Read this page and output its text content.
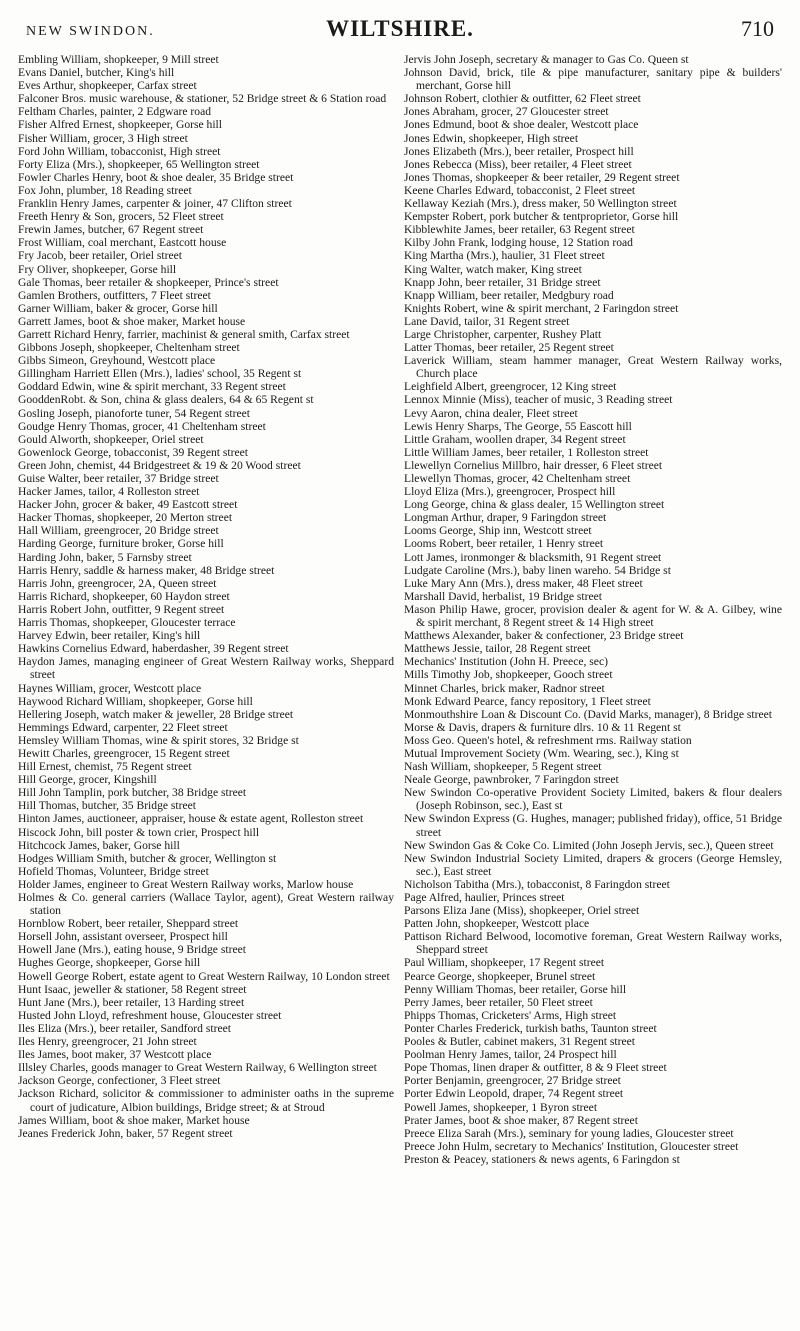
NEW SWINDON.	WILTSHIRE.	710
Embling William, shopkeeper, 9 Mill street
Evans Daniel, butcher, King's hill
Eves Arthur, shopkeeper, Carfax street
Falconer Bros. music warehouse, & stationer, 52 Bridge street & 6 Station road
Feltham Charles, painter, 2 Edgware road
Fisher Alfred Ernest, shopkeeper, Gorse hill
Fisher William, grocer, 3 High street
Ford John William, tobacconist, High street
Forty Eliza (Mrs.), shopkeeper, 65 Wellington street
Fowler Charles Henry, boot & shoe dealer, 35 Bridge street
Fox John, plumber, 18 Reading street
Franklin Henry James, carpenter & joiner, 47 Clifton street
Freeth Henry & Son, grocers, 52 Fleet street
Frewin James, butcher, 67 Regent street
Frost William, coal merchant, Eastcott house
Fry Jacob, beer retailer, Oriel street
Fry Oliver, shopkeeper, Gorse hill
Gale Thomas, beer retailer & shopkeeper, Prince's street
Gamlen Brothers, outfitters, 7 Fleet street
Garner William, baker & grocer, Gorse hill
Garrett James, boot & shoe maker, Market house
Garrett Richard Henry, farrier, machinist & general smith, Carfax street
Gibbons Joseph, shopkeeper, Cheltenham street
Gibbs Simeon, Greyhound, Westcott place
Gillingham Harriett Ellen (Mrs.), ladies' school, 35 Regent st
Goddard Edwin, wine & spirit merchant, 33 Regent street
GooddenRobt. & Son, china & glass dealers, 64 & 65 Regent st
Gosling Joseph, pianoforte tuner, 54 Regent street
Goudge Henry Thomas, grocer, 41 Cheltenham street
Gould Alworth, shopkeeper, Oriel street
Gowenlock George, tobacconist, 39 Regent street
Green John, chemist, 44 Bridgestreet & 19 & 20 Wood street
Guise Walter, beer retailer, 37 Bridge street
Hacker James, tailor, 4 Rolleston street
Hacker John, grocer & baker, 49 Eastcott street
Hacker Thomas, shopkeeper, 20 Merton street
Hall William, greengrocer, 20 Bridge street
Harding George, furniture broker, Gorse hill
Harding John, baker, 5 Farnsby street
Harris Henry, saddle & harness maker, 48 Bridge street
Harris John, greengrocer, 2A, Queen street
Harris Richard, shopkeeper, 60 Haydon street
Harris Robert John, outfitter, 9 Regent street
Harris Thomas, shopkeeper, Gloucester terrace
Harvey Edwin, beer retailer, King's hill
Hawkins Cornelius Edward, haberdasher, 39 Regent street
Haydon James, managing engineer of Great Western Railway works, Sheppard street
Haynes William, grocer, Westcott place
Haywood Richard William, shopkeeper, Gorse hill
Hellering Joseph, watch maker & jeweller, 28 Bridge street
Hemmings Edward, carpenter, 22 Fleet street
Hemsley William Thomas, wine & spirit stores, 32 Bridge st
Hewitt Charles, greengrocer, 15 Regent street
Hill Ernest, chemist, 75 Regent street
Hill George, grocer, Kingshill
Hill John Tamplin, pork butcher, 38 Bridge street
Hill Thomas, butcher, 35 Bridge street
Hinton James, auctioneer, appraiser, house & estate agent, Rolleston street
Hiscock John, bill poster & town crier, Prospect hill
Hitchcock James, baker, Gorse hill
Hodges William Smith, butcher & grocer, Wellington st
Hofield Thomas, Volunteer, Bridge street
Holder James, engineer to Great Western Railway works, Marlow house
Holmes & Co. general carriers (Wallace Taylor, agent), Great Western railway station
Hornblow Robert, beer retailer, Sheppard street
Horsell John, assistant overseer, Prospect hill
Howell Jane (Mrs.), eating house, 9 Bridge street
Hughes George, shopkeeper, Gorse hill
Howell George Robert, estate agent to Great Western Railway, 10 London street
Hunt Isaac, jeweller & stationer, 58 Regent street
Hunt Jane (Mrs.), beer retailer, 13 Harding street
Husted John Lloyd, refreshment house, Gloucester street
Iles Eliza (Mrs.), beer retailer, Sandford street
Iles Henry, greengrocer, 21 John street
Iles James, boot maker, 37 Westcott place
Illsley Charles, goods manager to Great Western Railway, 6 Wellington street
Jackson George, confectioner, 3 Fleet street
Jackson Richard, solicitor & commissioner to administer oaths in the supreme court of judicature, Albion buildings, Bridge street; & at Stroud
James William, boot & shoe maker, Market house
Jeanes Frederick John, baker, 57 Regent street
Jervis John Joseph, secretary & manager to Gas Co. Queen st
Johnson David, brick, tile & pipe manufacturer, sanitary pipe & builders' merchant, Gorse hill
Johnson Robert, clothier & outfitter, 62 Fleet street
Jones Abraham, grocer, 27 Gloucester street
Jones Edmund, boot & shoe dealer, Westcott place
Jones Edwin, shopkeeper, High street
Jones Elizabeth (Mrs.), beer retailer, Prospect hill
Jones Rebecca (Miss), beer retailer, 4 Fleet street
Jones Thomas, shopkeeper & beer retailer, 29 Regent street
Keene Charles Edward, tobacconist, 2 Fleet street
Kellaway Keziah (Mrs.), dress maker, 50 Wellington street
Kempster Robert, pork butcher & tentproprietor, Gorse hill
Kibblewhite James, beer retailer, 63 Regent street
Kilby John Frank, lodging house, 12 Station road
King Martha (Mrs.), haulier, 31 Fleet street
King Walter, watch maker, King street
Knapp John, beer retailer, 31 Bridge street
Knapp William, beer retailer, Medgbury road
Knights Robert, wine & spirit merchant, 2 Faringdon street
Lane David, tailor, 31 Regent street
Large Christopher, carpenter, Rushey Platt
Latter Thomas, beer retailer, 25 Regent street
Laverick William, steam hammer manager, Great Western Railway works, Church place
Leighfield Albert, greengrocer, 12 King street
Lennox Minnie (Miss), teacher of music, 3 Reading street
Levy Aaron, china dealer, Fleet street
Lewis Henry Sharps, The George, 55 Eascott hill
Little Graham, woollen draper, 34 Regent street
Little William James, beer retailer, 1 Rolleston street
Llewellyn Cornelius Millbro, hair dresser, 6 Fleet street
Llewellyn Thomas, grocer, 42 Cheltenham street
Lloyd Eliza (Mrs.), greengrocer, Prospect hill
Long George, china & glass dealer, 15 Wellington street
Longman Arthur, draper, 9 Faringdon street
Looms George, Ship inn, Westcott street
Looms Robert, beer retailer, 1 Henry street
Lott James, ironmonger & blacksmith, 91 Regent street
Ludgate Caroline (Mrs.), baby linen wareho. 54 Bridge st
Luke Mary Ann (Mrs.), dress maker, 48 Fleet street
Marshall David, herbalist, 19 Bridge street
Mason Philip Hawe, grocer, provision dealer & agent for W. & A. Gilbey, wine & spirit merchant, 8 Regent street & 14 High street
Matthews Alexander, baker & confectioner, 23 Bridge street
Matthews Jessie, tailor, 28 Regent street
Mechanics' Institution (John H. Preece, sec)
Mills Timothy Job, shopkeeper, Gooch street
Minnet Charles, brick maker, Radnor street
Monk Edward Pearce, fancy repository, 1 Fleet street
Monmouthshire Loan & Discount Co. (David Marks, manager), 8 Bridge street
Morse & Davis, drapers & furniture dlrs. 10 & 11 Regent st
Moss Geo. Queen's hotel, & refreshment rms. Railway station
Mutual Improvement Society (Wm. Wearing, sec.), King st
Nash William, shopkeeper, 5 Regent street
Neale George, pawnbroker, 7 Faringdon street
New Swindon Co-operative Provident Society Limited, bakers & flour dealers (Joseph Robinson, sec.), East st
New Swindon Express (G. Hughes, manager; published friday), office, 51 Bridge street
New Swindon Gas & Coke Co. Limited (John Joseph Jervis, sec.), Queen street
New Swindon Industrial Society Limited, drapers & grocers (George Hemsley, sec.), East street
Nicholson Tabitha (Mrs.), tobacconist, 8 Faringdon street
Page Alfred, haulier, Princes street
Parsons Eliza Jane (Miss), shopkeeper, Oriel street
Patten John, shopkeeper, Westcott place
Pattison Richard Belwood, locomotive foreman, Great Western Railway works, Sheppard street
Paul William, shopkeeper, 17 Regent street
Pearce George, shopkeeper, Brunel street
Penny William Thomas, beer retailer, Gorse hill
Perry James, beer retailer, 50 Fleet street
Phipps Thomas, Cricketers' Arms, High street
Ponter Charles Frederick, turkish baths, Taunton street
Pooles & Butler, cabinet makers, 31 Regent street
Poolman Henry James, tailor, 24 Prospect hill
Pope Thomas, linen draper & outfitter, 8 & 9 Fleet street
Porter Benjamin, greengrocer, 27 Bridge street
Porter Edwin Leopold, draper, 74 Regent street
Powell James, shopkeeper, 1 Byron street
Prater James, boot & shoe maker, 87 Regent street
Preece Eliza Sarah (Mrs.), seminary for young ladies, Gloucester street
Preece John Hulm, secretary to Mechanics' Institution, Gloucester street
Preston & Peacey, stationers & news agents, 6 Faringdon st
